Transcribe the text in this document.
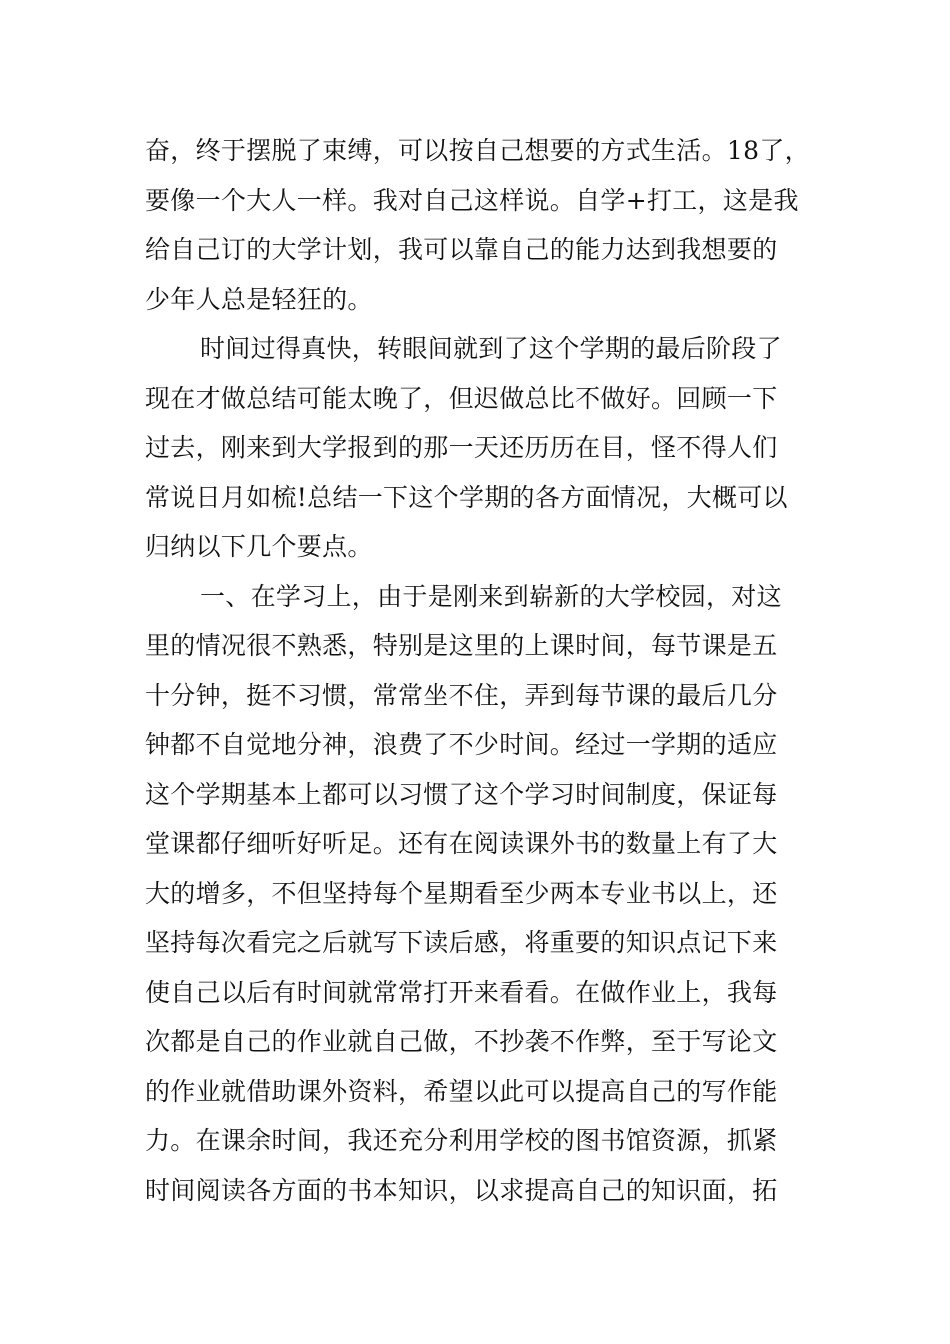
奋，终于摆脱了束缚，可以按自己想要的方式生活。18了，
要像一个大人一样。我对自己这样说。自学+打工，这是我
给自己订的大学计划，我可以靠自己的能力达到我想要的
少年人总是轻狂的。
时间过得真快，转眼间就到了这个学期的最后阶段了
现在才做总结可能太晚了，但迟做总比不做好。回顾一下
过去，刚来到大学报到的那一天还历历在目，怪不得人们
常说日月如梳!总结一下这个学期的各方面情况，大概可以
归纳以下几个要点。
一、在学习上，由于是刚来到崭新的大学校园，对这
里的情况很不熟悉，特别是这里的上课时间，每节课是五
十分钟，挺不习惯，常常坐不住，弄到每节课的最后几分
钟都不自觉地分神，浪费了不少时间。经过一学期的适应
这个学期基本上都可以习惯了这个学习时间制度，保证每
堂课都仔细听好听足。还有在阅读课外书的数量上有了大
大的增多，不但坚持每个星期看至少两本专业书以上，还
坚持每次看完之后就写下读后感，将重要的知识点记下来
使自己以后有时间就常常打开来看看。在做作业上，我每
次都是自己的作业就自己做，不抄袭不作弊，至于写论文
的作业就借助课外资料，希望以此可以提高自己的写作能
力。在课余时间，我还充分利用学校的图书馆资源，抓紧
时间阅读各方面的书本知识，以求提高自己的知识面，拓
